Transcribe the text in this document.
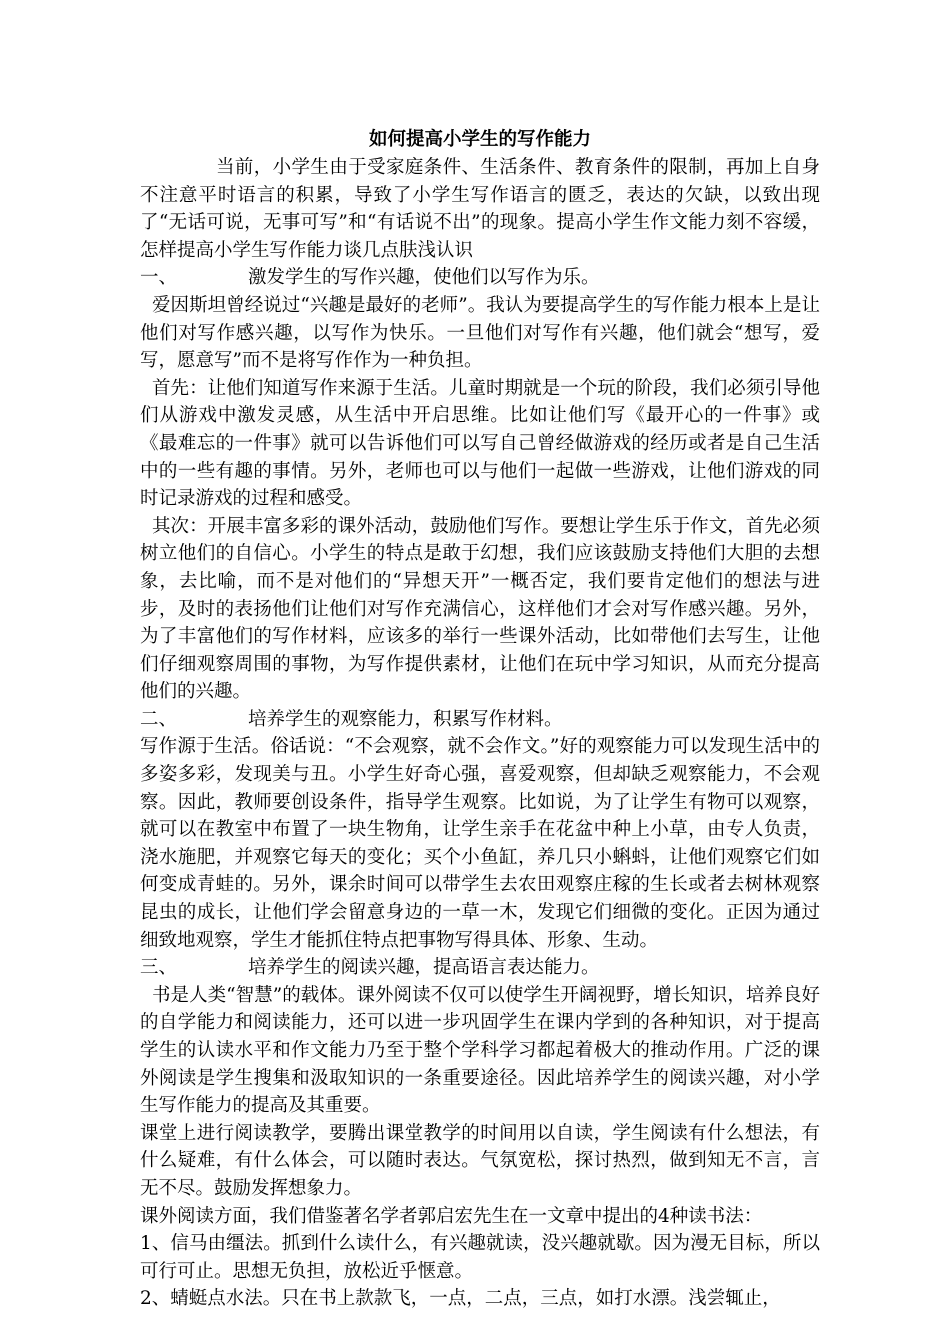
如何提高小学生的写作能力

当前，小学生由于受家庭条件、生活条件、教育条件的限制，再加上自身不注意平时语言的积累，导致了小学生写作语言的匮乏，表达的欠缺，以致出现了“无话可说，无事可写”和“有话说不出”的现象。提高小学生作文能力刻不容缓，怎样提高小学生写作能力谈几点肤浅认识

一、	激发学生的写作兴趣，使他们以写作为乐。

爱因斯坦曾经说过“兴趣是最好的老师”。我认为要提高学生的写作能力根本上是让他们对写作感兴趣，以写作为快乐。一旦他们对写作有兴趣，他们就会“想写，爱写，愿意写”而不是将写作作为一种负担。

首先：让他们知道写作来源于生活。儿童时期就是一个玩的阶段，我们必须引导他们从游戏中激发灵感，从生活中开启思维。比如让他们写《最开心的一件事》或《最难忘的一件事》就可以告诉他们可以写自己曾经做游戏的经历或者是自己生活中的一些有趣的事情。另外，老师也可以与他们一起做一些游戏，让他们游戏的同时记录游戏的过程和感受。

其次：开展丰富多彩的课外活动，鼓励他们写作。要想让学生乐于作文，首先必须树立他们的自信心。小学生的特点是敢于幻想，我们应该鼓励支持他们大胆的去想象，去比喻，而不是对他们的“异想天开”一概否定，我们要肯定他们的想法与进步，及时的表扬他们让他们对写作充满信心，这样他们才会对写作感兴趣。另外，为了丰富他们的写作材料，应该多的举行一些课外活动，比如带他们去写生，让他们仔细观察周围的事物，为写作提供素材，让他们在玩中学习知识，从而充分提高他们的兴趣。

二、	培养学生的观察能力，积累写作材料。

写作源于生活。俗话说：“不会观察，就不会作文。”好的观察能力可以发现生活中的多姿多彩，发现美与丑。小学生好奇心强，喜爱观察，但却缺乏观察能力，不会观察。因此，教师要创设条件，指导学生观察。比如说，为了让学生有物可以观察，就可以在教室中布置了一块生物角，让学生亲手在花盆中种上小草，由专人负责，浇水施肥，并观察它每天的变化；买个小鱼缸，养几只小蝌蚪，让他们观察它们如何变成青蛙的。另外，课余时间可以带学生去农田观察庄稼的生长或者去树林观察昆虫的成长，让他们学会留意身边的一草一木，发现它们细微的变化。正因为通过细致地观察，学生才能抓住特点把事物写得具体、形象、生动。

三、	培养学生的阅读兴趣，提高语言表达能力。

书是人类“智慧”的载体。课外阅读不仅可以使学生开阔视野，增长知识，培养良好的自学能力和阅读能力，还可以进一步巩固学生在课内学到的各种知识，对于提高学生的认读水平和作文能力乃至于整个学科学习都起着极大的推动作用。广泛的课外阅读是学生搜集和汲取知识的一条重要途径。因此培养学生的阅读兴趣，对小学生写作能力的提高及其重要。

课堂上进行阅读教学，要腾出课堂教学的时间用以自读，学生阅读有什么想法，有什么疑难，有什么体会，可以随时表达。气氛宽松，探讨热烈，做到知无不言，言无不尽。鼓励发挥想象力。

课外阅读方面，我们借鉴著名学者郭启宏先生在一文章中提出的4种读书法：

1、信马由缰法。抓到什么读什么，有兴趣就读，没兴趣就歇。因为漫无目标，所以可行可止。思想无负担，放松近乎惬意。

2、蜻蜓点水法。只在书上款款飞，一点，二点，三点，如打水漂。浅尝辄止，
